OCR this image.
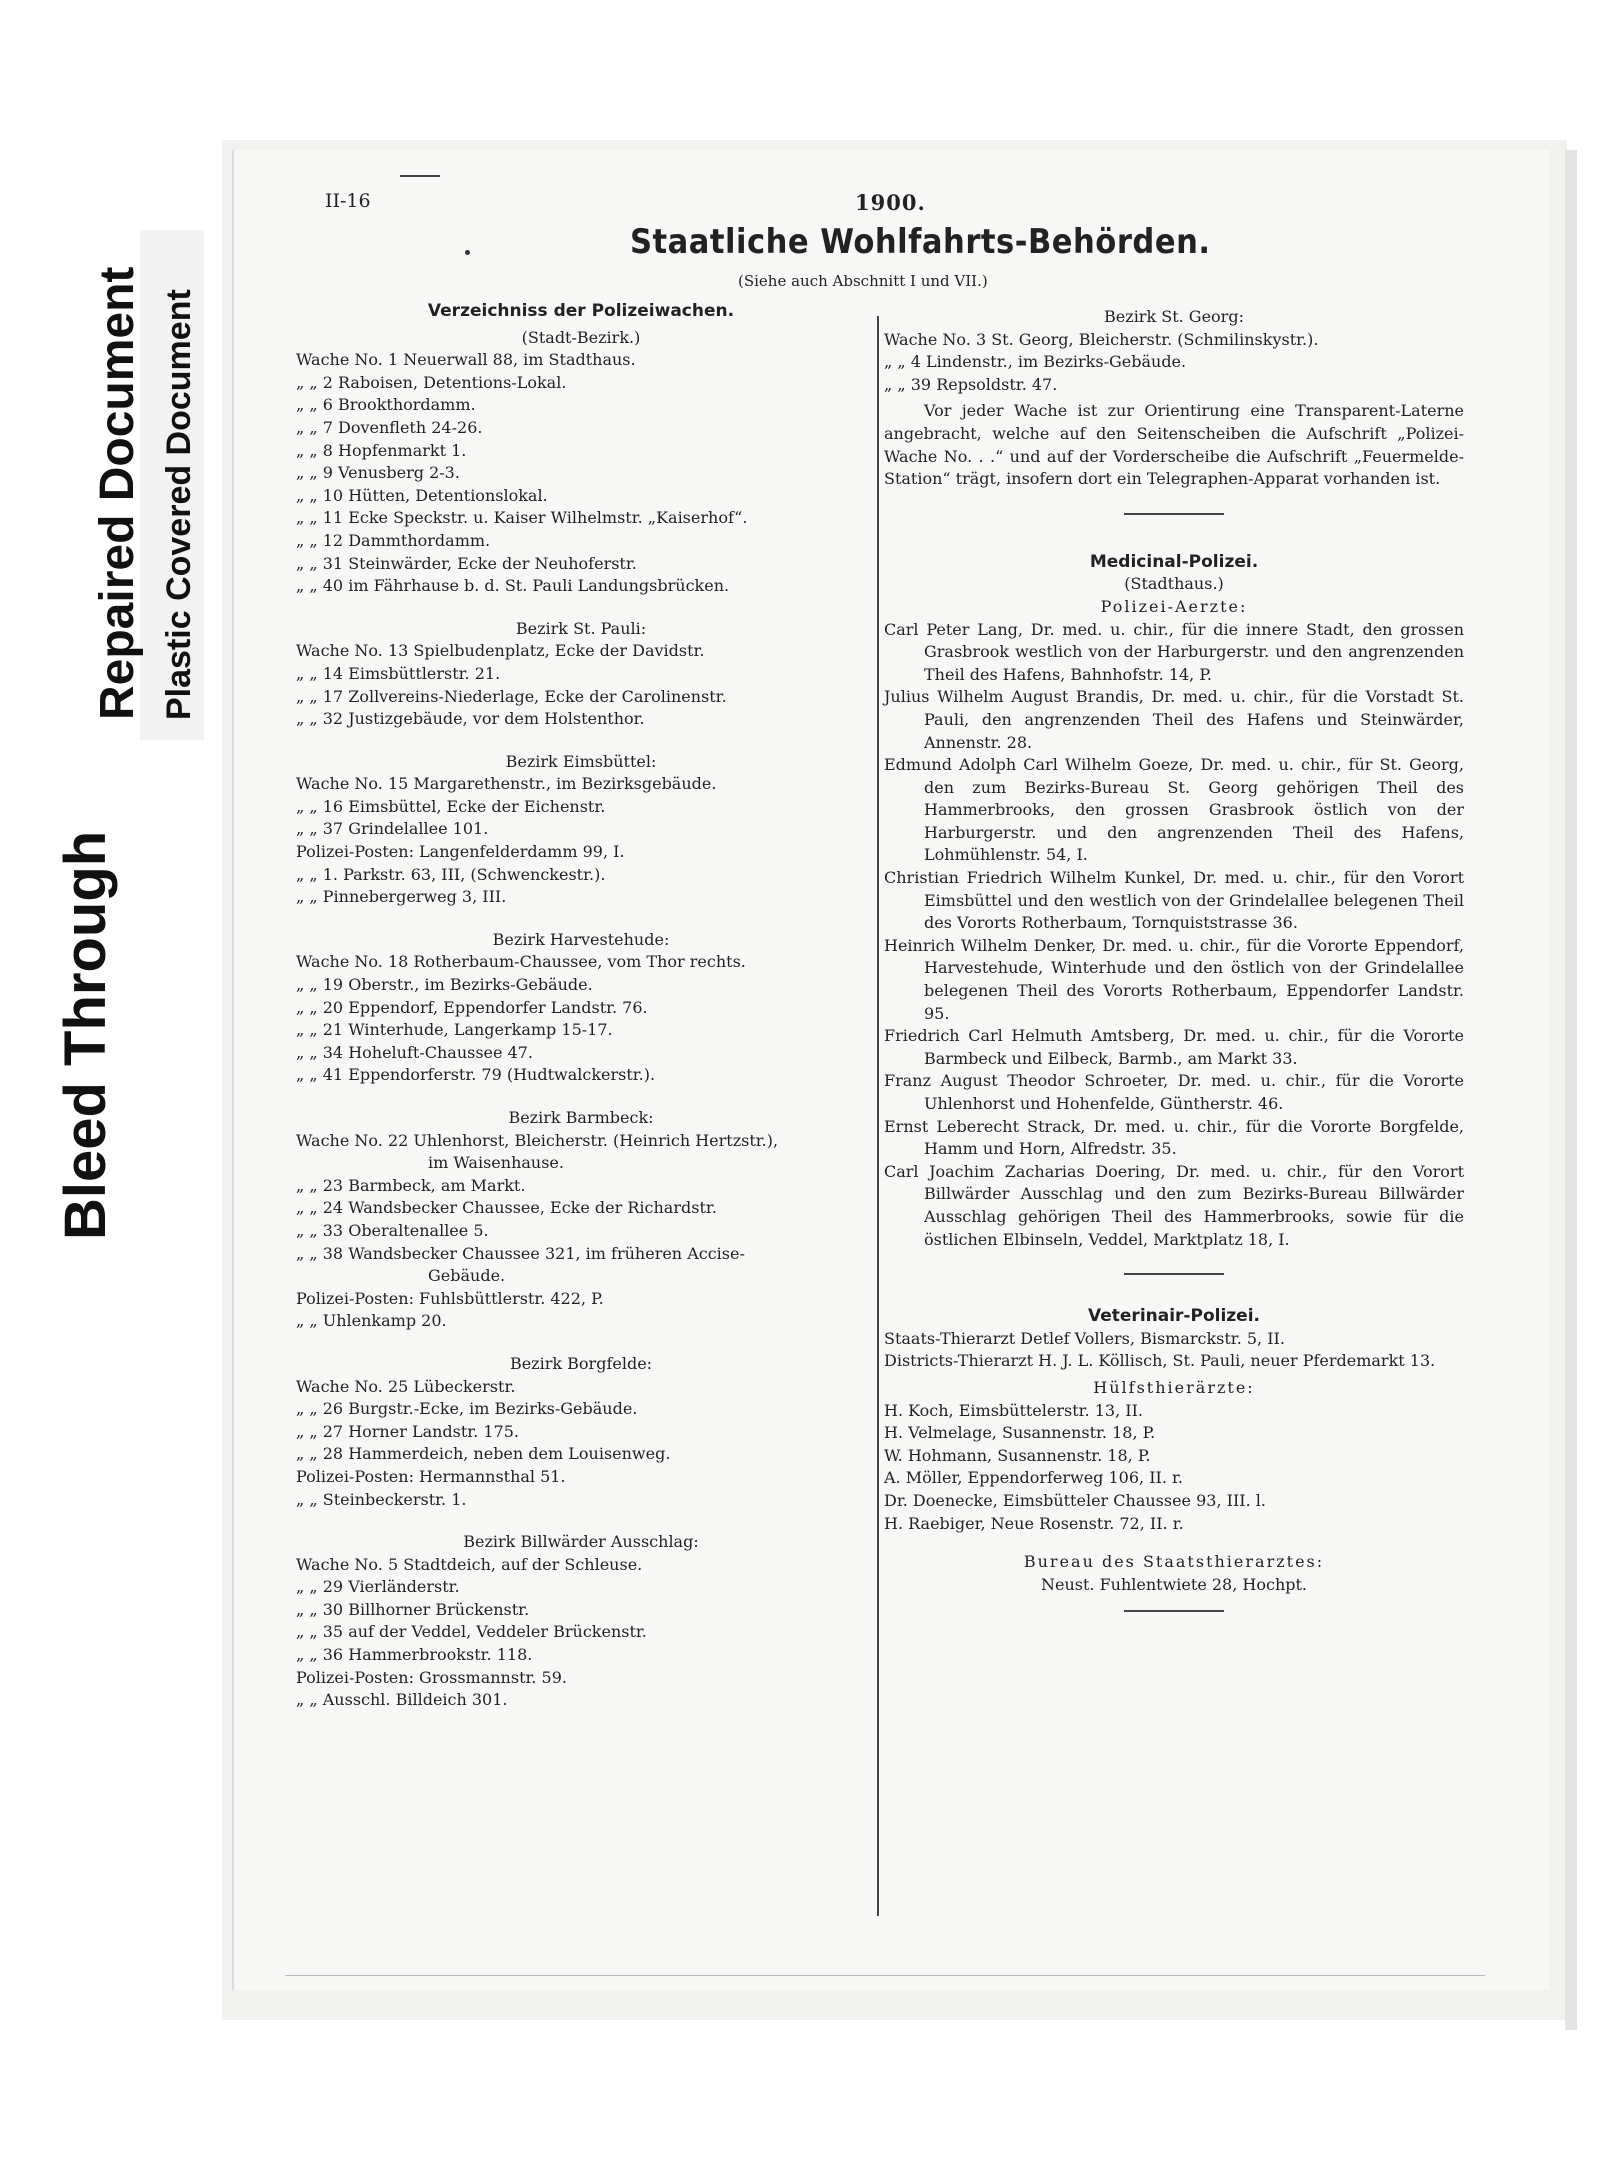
Bleed Through
Repaired Document Plastic Covered Document
II-16	1900.
Staatliche Wohlfahrts-Behörden.
(Siehe auch Abschnitt I und VII.)
Verzeichniss der Polizeiwachen.
(Stadt-Bezirk.)
Wache No. 1 Neuerwall 88, im Stadthaus.
„ „ 2 Raboisen, Detentions-Lokal.
„ „ 6 Brookthordamm.
„ „ 7 Dovenfleth 24-26.
„ „ 8 Hopfenmarkt 1.
„ „ 9 Venusberg 2-3.
„ „ 10 Hütten, Detentionslokal.
„ „ 11 Ecke Speckstr. u. Kaiser Wilhelmstr. „Kaiserhof“.
„ „ 12 Dammthordamm.
„ „ 31 Steinwärder, Ecke der Neuhoferstr.
„ „ 40 im Fährhause b. d. St. Pauli Landungsbrücken.
Bezirk St. Pauli:
Wache No. 13 Spielbudenplatz, Ecke der Davidstr.
„ „ 14 Eimsbüttlerstr. 21.
„ „ 17 Zollvereins-Niederlage, Ecke der Carolinenstr.
„ „ 32 Justizgebäude, vor dem Holstenthor.
Bezirk Eimsbüttel:
Wache No. 15 Margarethenstr., im Bezirksgebäude.
„ „ 16 Eimsbüttel, Ecke der Eichenstr.
„ „ 37 Grindelallee 101.
Polizei-Posten: Langenfelderdamm 99, I.
„ „ 1. Parkstr. 63, III, (Schwenckestr.).
„ „ Pinnebergerweg 3, III.
Bezirk Harvestehude:
Wache No. 18 Rotherbaum-Chaussee, vom Thor rechts.
„ „ 19 Oberstr., im Bezirks-Gebäude.
„ „ 20 Eppendorf, Eppendorfer Landstr. 76.
„ „ 21 Winterhude, Langerkamp 15-17.
„ „ 34 Hoheluft-Chaussee 47.
„ „ 41 Eppendorferstr. 79 (Hudtwalckerstr.).
Bezirk Barmbeck:
Wache No. 22 Uhlenhorst, Bleicherstr. (Heinrich Hertzstr.),
im Waisenhause.
„ „ 23 Barmbeck, am Markt.
„ „ 24 Wandsbecker Chaussee, Ecke der Richardstr.
„ „ 33 Oberaltenallee 5.
„ „ 38 Wandsbecker Chaussee 321, im früheren Accise-
Gebäude.
Polizei-Posten: Fuhlsbüttlerstr. 422, P.
„ „ Uhlenkamp 20.
Bezirk Borgfelde:
Wache No. 25 Lübeckerstr.
„ „ 26 Burgstr.-Ecke, im Bezirks-Gebäude.
„ „ 27 Horner Landstr. 175.
„ „ 28 Hammerdeich, neben dem Louisenweg.
Polizei-Posten: Hermannsthal 51.
„ „ Steinbeckerstr. 1.
Bezirk Billwärder Ausschlag:
Wache No. 5 Stadtdeich, auf der Schleuse.
„ „ 29 Vierländerstr.
„ „ 30 Billhorner Brückenstr.
„ „ 35 auf der Veddel, Veddeler Brückenstr.
„ „ 36 Hammerbrookstr. 118.
Polizei-Posten: Grossmannstr. 59.
„ „ Ausschl. Billdeich 301.
Bezirk St. Georg:
Wache No. 3 St. Georg, Bleicherstr. (Schmilinskystr.).
„ „ 4 Lindenstr., im Bezirks-Gebäude.
„ „ 39 Repsoldstr. 47.
Vor jeder Wache ist zur Orientirung eine Transparent-Laterne angebracht, welche auf den Seitenscheiben die Aufschrift „Polizei-Wache No. . .“ und auf der Vorderscheibe die Aufschrift „Feuermelde-Station“ trägt, insofern dort ein Telegraphen-Apparat vorhanden ist.
Medicinal-Polizei.
(Stadthaus.)
Polizei-Aerzte:
Carl Peter Lang, Dr. med. u. chir., für die innere Stadt, den grossen Grasbrook westlich von der Harburgerstr. und den angrenzenden Theil des Hafens, Bahnhofstr. 14, P.
Julius Wilhelm August Brandis, Dr. med. u. chir., für die Vorstadt St. Pauli, den angrenzenden Theil des Hafens und Steinwärder, Annenstr. 28.
Edmund Adolph Carl Wilhelm Goeze, Dr. med. u. chir., für St. Georg, den zum Bezirks-Bureau St. Georg gehörigen Theil des Hammerbrooks, den grossen Grasbrook östlich von der Harburgerstr. und den angrenzenden Theil des Hafens, Lohmühlenstr. 54, I.
Christian Friedrich Wilhelm Kunkel, Dr. med. u. chir., für den Vorort Eimsbüttel und den westlich von der Grindelallee belegenen Theil des Vororts Rotherbaum, Tornquiststrasse 36.
Heinrich Wilhelm Denker, Dr. med. u. chir., für die Vororte Eppendorf, Harvestehude, Winterhude und den östlich von der Grindelallee belegenen Theil des Vororts Rotherbaum, Eppendorfer Landstr. 95.
Friedrich Carl Helmuth Amtsberg, Dr. med. u. chir., für die Vororte Barmbeck und Eilbeck, Barmb., am Markt 33.
Franz August Theodor Schroeter, Dr. med. u. chir., für die Vororte Uhlenhorst und Hohenfelde, Güntherstr. 46.
Ernst Leberecht Strack, Dr. med. u. chir., für die Vororte Borgfelde, Hamm und Horn, Alfredstr. 35.
Carl Joachim Zacharias Doering, Dr. med. u. chir., für den Vorort Billwärder Ausschlag und den zum Bezirks-Bureau Billwärder Ausschlag gehörigen Theil des Hammerbrooks, sowie für die östlichen Elbinseln, Veddel, Marktplatz 18, I.
Veterinair-Polizei.
Staats-Thierarzt Detlef Vollers, Bismarckstr. 5, II.
Districts-Thierarzt H. J. L. Köllisch, St. Pauli, neuer Pferdemarkt 13.
Hülfsthierärzte:
H. Koch, Eimsbüttelerstr. 13, II.
H. Velmelage, Susannenstr. 18, P.
W. Hohmann, Susannenstr. 18, P.
A. Möller, Eppendorferweg 106, II. r.
Dr. Doenecke, Eimsbütteler Chaussee 93, III. l.
H. Raebiger, Neue Rosenstr. 72, II. r.
Bureau des Staatsthierarztes:
Neust. Fuhlentwiete 28, Hochpt.
